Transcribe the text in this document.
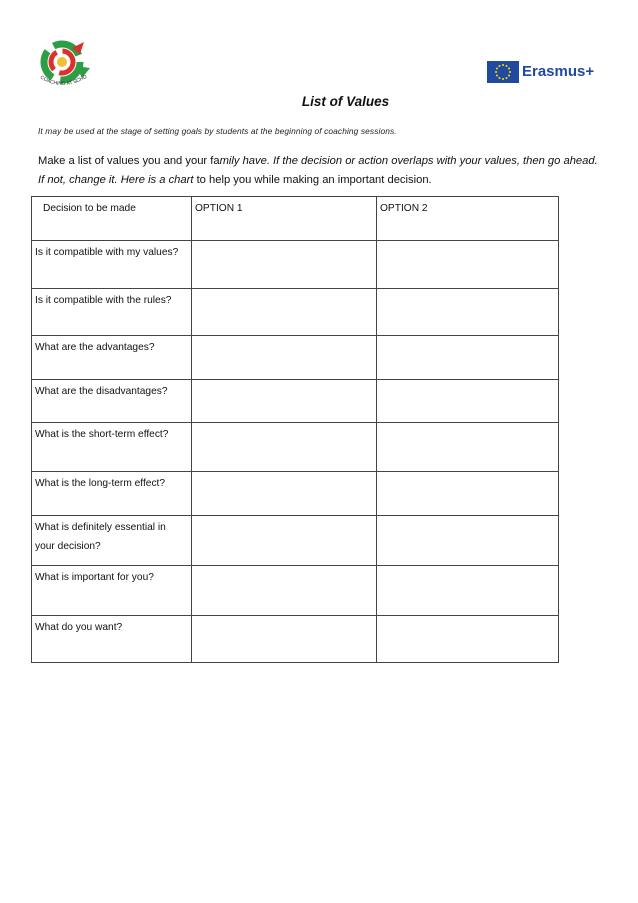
COACHING AT SCHO	Erasmus+
List of Values
It may be used at the stage of setting goals by students at the beginning of coaching sessions.
Make a list of values you and your family have. If the decision or action overlaps with your values, then go ahead. If not, change it. Here is a chart to help you while making an important decision.
Decision to be made	OPTION 1	OPTION 2
Is it compatible with my values?		
Is it compatible with the rules?		
What are the advantages?		
What are the disadvantages?		
What is the short-term effect?		
What is the long-term effect?		
What is definitely essential in your decision?		
What is important for you?		
What do you want?		
